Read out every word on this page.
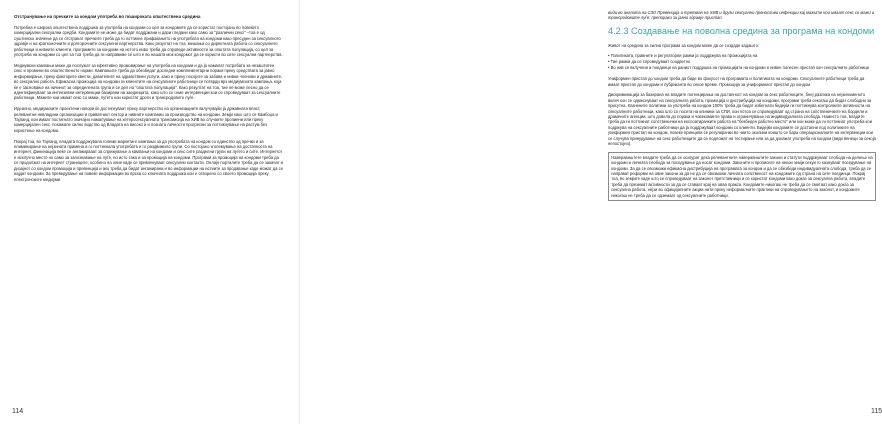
Отстранување на пречките за кондом употреба во пошироката општествена средина

Потребна е широка општествена поддршка за употреба на кондоми со цел за кондомите да се користат постојано во повеќето комерцијални сексуални средби. Кондомите не може да бидат поддржани и дари гледани како само за "различни сексі" –тоа е од суштинско значење да се отстранат пречките треба да го поттикне прифаќањето на употребата на кондоми како пресуден за сексуалното здравје и на кратконочните и долгорочните сексуални партнерства. Како резултат на тоа, мешања со директната работа со сексуалните работници и нивните клиенти, програмите за кондоми на истото ниво треба да спроведе активности за општата популација, со цел за употреба на кондоми со цел за тоа треба да ги направиме сé што е во нашата моќ кондомот да се користи во сите сексуални партнерства.

Медиумски кампањи може да послужат за ефективно промовирање на употреба на кондоми и да ја намалат потребата за незаштитен секс и промени во општественото норми. Кампањите треба да обезбедат доследни комплементарни пораки преку средствата за јавно информирање, преку факторите квести, давателите на здравствени услуги, како и преку посојите за забава и нивни членови и државните, во сексуално работа. Ефикасна промоција на кондоми ги клиентите на сексуалните работници се потврди врз медиумската кампања, која ќе е засновање на начинот за определената група и се дел на "општата популација". Како резултат на тоа, тие не може лесно да се идентификуваат за интензивни интервенции базирани на заедницата, како што се оние интервенции кои се спроведуваат за сексуалните работници. Мажите кои имаат секс со мажи, луѓето кои користат дроги и трансродовите луѓе.

Идеално, медиумските проектени напори ќе достигнуваат преку партнерство на организациите вклучувајќи ја државната власт, релевантни невладини организации и приватниот сектор и нивните компании за производство на кондоми. Земји како што се Камбоџа и Тајланд, кои имаат постигнато значајно намалување на хетеросексуалната трансмисија на ХИВ во случаите пропиени или преку комерцијален секс, покажале силно водство од Владата на високо и и позната личности прогресии за поттикнување на растум без користење на кондоми.

Покрај тоа, во Тајланд, владата поддржувала големи маркетинг кампањи за да употребата на кондом со единство од пречки и за елиминирање на нејзината примена и го поттикнала употребата и го раздвижило групи. Со постојано зголемување на достапноста на интернет, фининација веќе се ангажирааат за спрежување а кампањи на кондоми и секс сите разделни групи на луѓето и сите. Интернетот е исклучно место но само за запознавање на луѓе, но исто така и за промоција на кондоми. Програми за промоција на кондоми треба да се продолжат на интернет страниците, особено на оние каде се привлекуваат сексуални контакти. Онлајн порталите треба да се закачат и дизајнот со кондом промоција и превенција и ако треба да бидат ангажирани и во информации на истиите за продавање каде можат да се најдат кондоми. За преведување на повеќе информации во врска со ключната поддршка кои е отворено со своето промоција преку електронските медиуми.

114

види во англата на СЗО Превенција и третман на ХИВ и други сексуално преносливи инфекции кај мажите кои имаат секс со мажи и трансродовите луѓе: препораки за јавно здравје пристап.

4.2.3 Создавање на поволна средина за програма на кондоми

Живот на средина за силна програма за кондом може да се создаде кадашто:

• Политиката, правните и регулаторни рамки ја поддржува на промоцијата на
• Тие рамки да се спроведуваат соодветно
• Во нив се вклучени и поединци на раниот поддршка на промоцијата на кондоми и нивен полесен пристап кон сексуалните работници

Униформен пристап до кондом треба да биде во фокусот на програмата и политиката на кондоми. Сексуалните работници треба да имаат пристап до кондоми и лубриканти во секое време. Промоција за униформниот пристап до кондом

Дискриминација за базирана на владите потенцирања на достапност на кондом за секс работниците, бнеј разлика на нејзиноменото вклич кон се одмеснуваат на сексуалната работа, промоција и дистрибуција на кондоми, програми треба секогаш да бидат слободни за присутна. Казнените политики за употреба на кондом 100% треба да бидат избегнати бидејќи ги поттикнува контролните активности на сексуалните работници, како што со посета на клиники за СПИ, кои потоа се спроведуваат од страна на сопственичките на бордели и драмените агенции, што довела до пораки и човекоминте права и ограничување на индивидуалната слобода. Наместо тоа, владите треба да ги поттикнат сопственички на екслоатирачките работа на "безбеден работно место" или кои може да ги поттикнат употреба кои подржува на сексуалните работници да ја поддржуваат кондоми со клиенти. Бидејќи кондомите се достапни под политиките на униформен пристап на кондом, повеќе принципи се регулирачки во чиито околини коишто се бара операционалните на интервенции кои се случува принудување на секс работниците да се подложат на тестирање или за да докажат употреба на кондом (види венеци за секоја непостојно).

Наверавнштете владите треба да се осигурат дека релевантните наверавнштите закони и статути поддржуваат слобода на делење на кондоми и личната слобода за поседување да носат кондоми. Законите и прописите на некои земји секуи го казнуваат поседување на кондоми. За да се овозможи ефикасна дистрибуција на програмата за кондом и да се обезбеди индивидуалната слобода, треба да се направат реформи на овие закони за да не да се овозможи личната сопственост на кондомите од страна на сите поединци. Покрај тоа, во земјите каде што се спроведуваат на законот претставници и се користат кондоми како доказ за сексуална работа, владите треба да преземат активности за да се ставаат крај на оваа пракса. Кондомите никогаш не треба да се сметаат како доказ за сексуална работа, нејзи во официјалните акции нити преку неформалните практики на спроведувањето на законот, и кондомите никогаш не треба да се одземаат од сексуалните работници.
115
